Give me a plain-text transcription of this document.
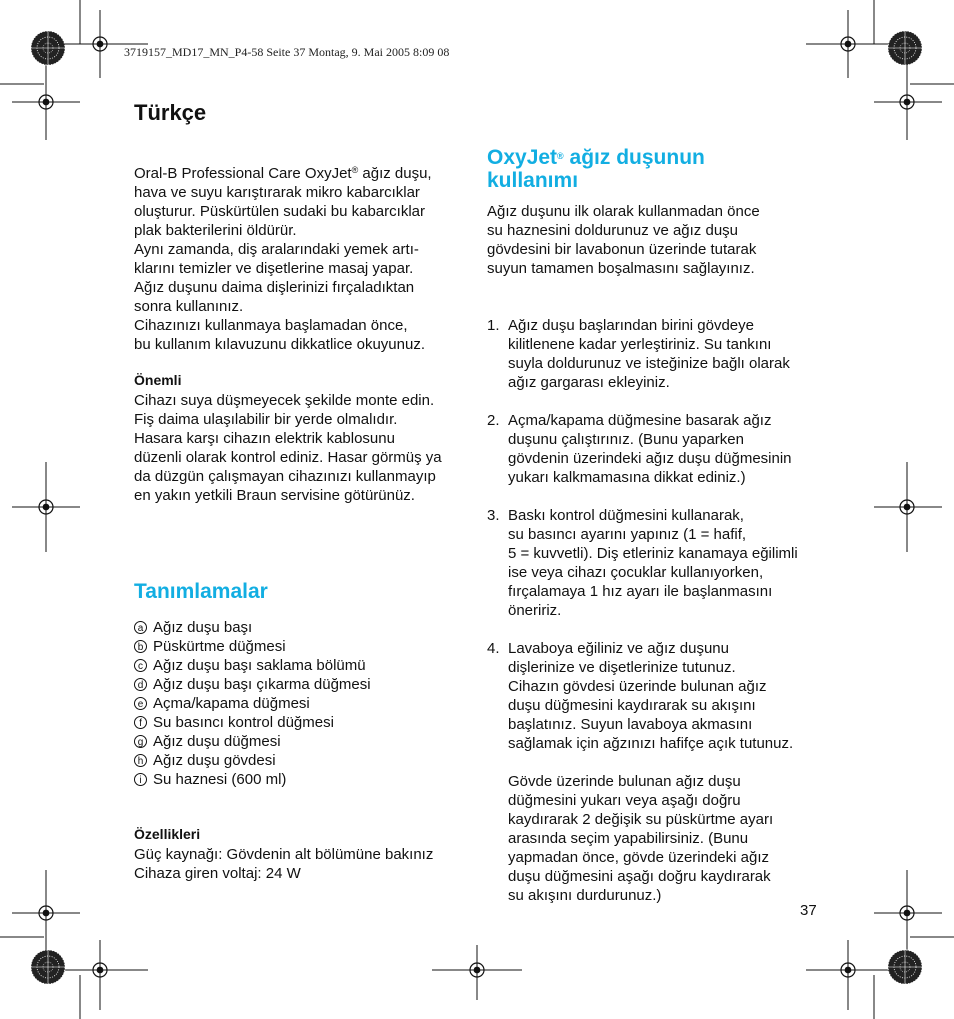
3719157_MD17_MN_P4-58 Seite 37 Montag, 9. Mai 2005 8:09 08
Türkçe

Oral-B Professional Care OxyJet® ağız duşu,
hava ve suyu karıştırarak mikro kabarcıklar
oluşturur. Püskürtülen sudaki bu kabarcıklar
plak bakterilerini öldürür.
Aynı zamanda, diş aralarındaki yemek artı-
klarını temizler ve dişetlerine masaj yapar.
Ağız duşunu daima dişlerinizi fırçaladıktan
sonra kullanınız.

Cihazınızı kullanmaya başlamadan önce,
bu kullanım kılavuzunu dikkatlice okuyunuz.
Önemli
Cihazı suya düşmeyecek şekilde monte edin.
Fiş daima ulaşılabilir bir yerde olmalıdır.
Hasara karşı cihazın elektrik kablosunu
düzenli olarak kontrol ediniz. Hasar görmüş ya
da düzgün çalışmayan cihazınızı kullanmayıp
en yakın yetkili Braun servisine götürünüz.
Tanımlamalar
a Ağız duşu başı
b Püskürtme düğmesi
c Ağız duşu başı saklama bölümü
d Ağız duşu başı çıkarma düğmesi
e Açma/kapama düğmesi
f Su basıncı kontrol düğmesi
g Ağız duşu düğmesi
h Ağız duşu gövdesi
i Su haznesi (600 ml)
Özellikleri
Güç kaynağı: Gövdenin alt bölümüne bakınız
Cihaza giren voltaj: 24 W
OxyJet® ağız duşunun
kullanımı
Ağız duşunu ilk olarak kullanmadan önce
su haznesini doldurunuz ve ağız duşu
gövdesini bir lavabonun üzerinde tutarak
suyun tamamen boşalmasını sağlayınız.

1. Ağız duşu başlarından birini gövdeye
kilitlenene kadar yerleştiriniz. Su tankını
suyla doldurunuz ve isteğinize bağlı olarak
ağız gargarası ekleyiniz.
2. Açma/kapama düğmesine basarak ağız
duşunu çalıştırınız. (Bunu yaparken
gövdenin üzerindeki ağız duşu düğmesinin
yukarı kalkmamasına dikkat ediniz.)
3. Baskı kontrol düğmesini kullanarak,
su basıncı ayarını yapınız (1 = hafif,
5 = kuvvetli). Diş etleriniz kanamaya eğilimli
ise veya cihazı çocuklar kullanıyorken,
fırçalamaya 1 hız ayarı ile başlanmasını
öneririz.
4. Lavaboya eğiliniz ve ağız duşunu
dişlerinize ve dişetlerinize tutunuz.
Cihazın gövdesi üzerinde bulunan ağız
duşu düğmesini kaydırarak su akışını
başlatınız. Suyun lavaboya akmasını
sağlamak için ağzınızı hafifçe açık tutunuz.

Gövde üzerinde bulunan ağız duşu
düğmesini yukarı veya aşağı doğru
kaydırarak 2 değişik su püskürtme ayarı
arasında seçim yapabilirsiniz. (Bunu
yapmadan önce, gövde üzerindeki ağız
duşu düğmesini aşağı doğru kaydırarak
su akışını durdurunuz.)

37
